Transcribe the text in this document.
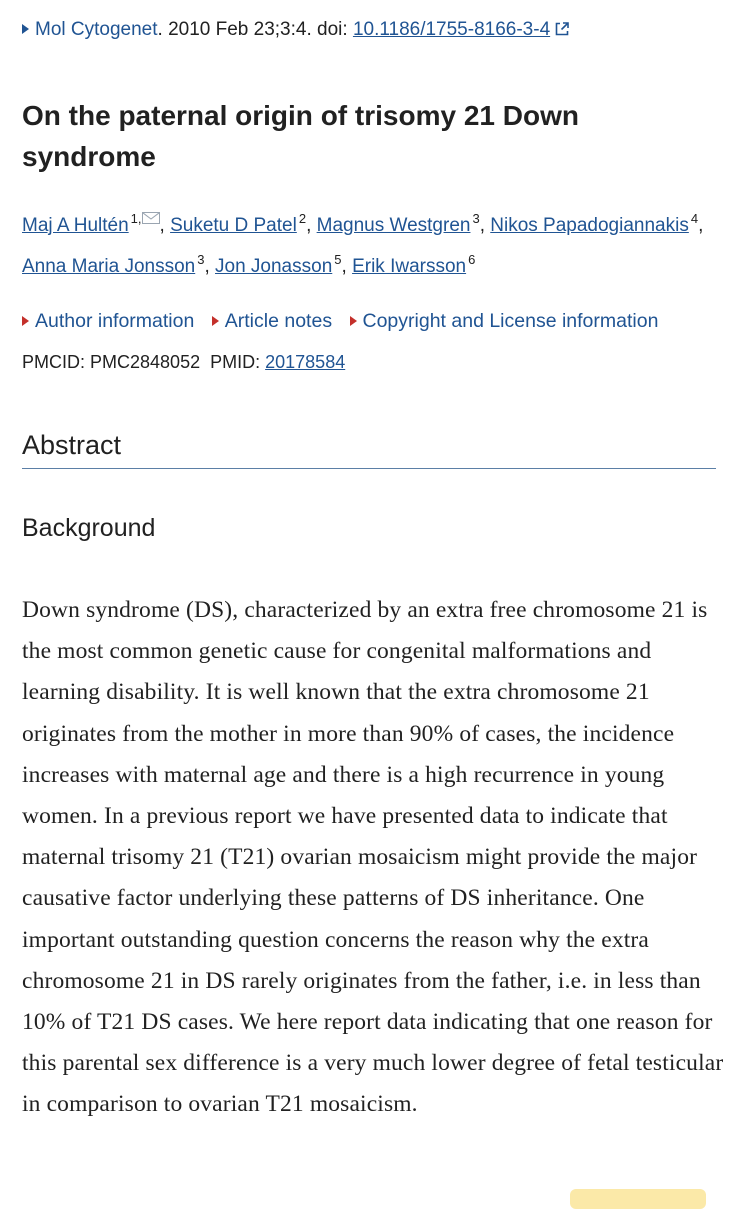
Mol Cytogenet. 2010 Feb 23;3:4. doi: 10.1186/1755-8166-3-4
On the paternal origin of trisomy 21 Down syndrome
Maj A Hultén $^{1,}$ , Suketu D Patel $^2$, Magnus Westgren $^3$, Nikos Papadogiannakis $^4$, Anna Maria Jonsson $^3$, Jon Jonasson $^5$, Erik Iwarsson $^6$
Author information Article notes Copyright and License information
PMCID: PMC2848052 PMID: 20178584
Abstract
Background

Down syndrome (DS), characterized by an extra free chromosome 21 is the most common genetic cause for congenital malformations and learning disability. It is well known that the extra chromosome 21 originates from the mother in more than 90% of cases, the incidence increases with maternal age and there is a high recurrence in young women. In a previous report we have presented data to indicate that maternal trisomy 21 (T21) ovarian mosaicism might provide the major causative factor underlying these patterns of DS inheritance. One important outstanding question concerns the reason why the extra chromosome 21 in DS rarely originates from the father, i.e. in less than 10% of T21 DS cases. We here report data indicating that one reason for this parental sex difference is a very much lower degree of fetal testicular in comparison to ovarian T21 mosaicism.
